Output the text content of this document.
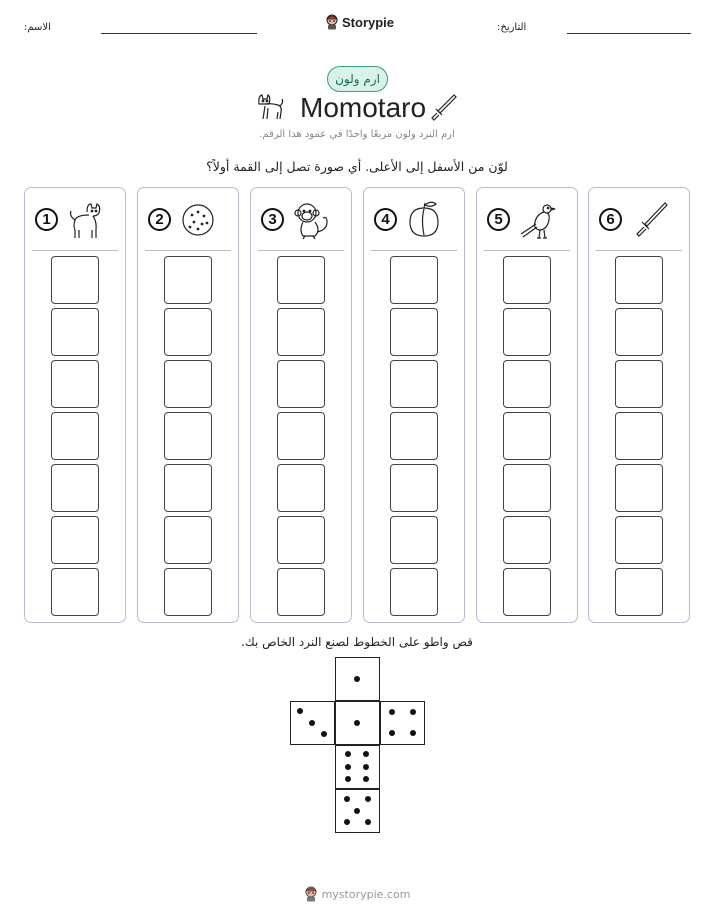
الاسم:	Storypie	التاريخ:
ارم ولون
Momotaro
ارم النرد ولون مربعًا واحدًا في عمود هذا الرقم.
لوّن من الأسفل إلى الأعلى. أي صورة تصل إلى القمة أولاً؟
1	2	3	4	5	6
قص واطو على الخطوط لصنع النرد الخاص بك.
mystorypie.com
